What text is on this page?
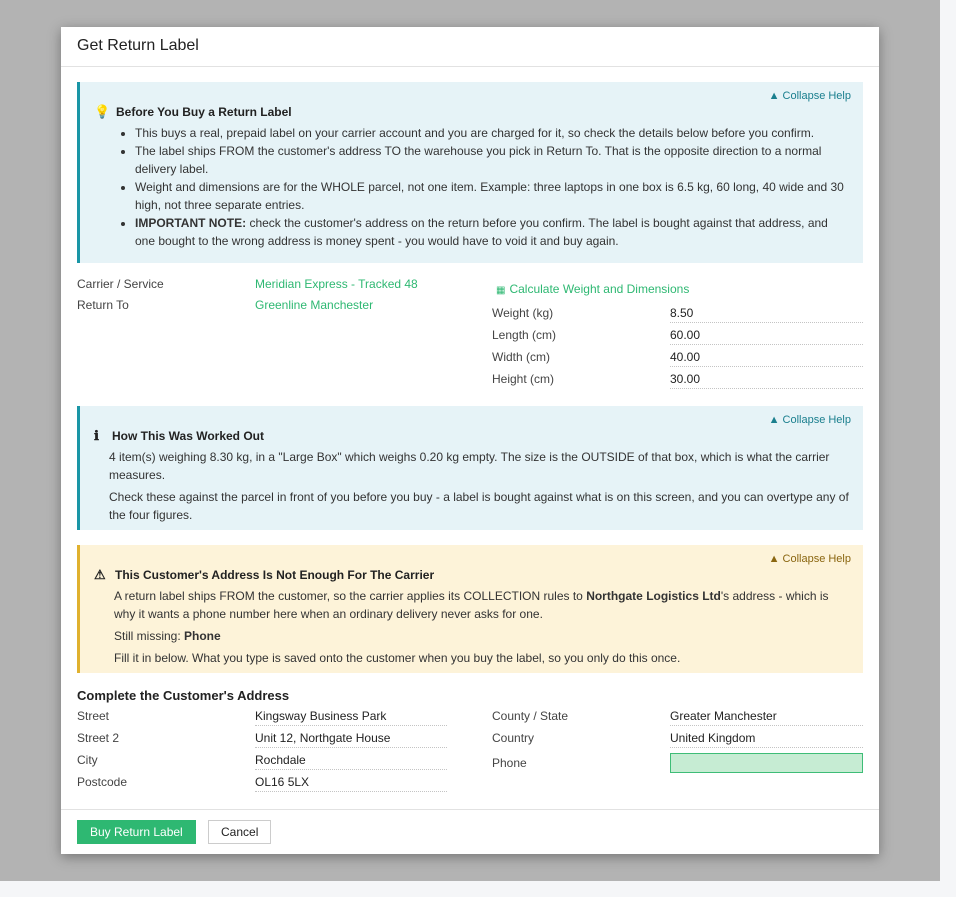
Get Return Label
▲ Collapse Help
💡 Before You Buy a Return Label
• This buys a real, prepaid label on your carrier account and you are charged for it, so check the details below before you confirm.
• The label ships FROM the customer's address TO the warehouse you pick in Return To. That is the opposite direction to a normal delivery label.
• Weight and dimensions are for the WHOLE parcel, not one item. Example: three laptops in one box is 6.5 kg, 60 long, 40 wide and 30 high, not three separate entries.
• IMPORTANT NOTE: check the customer's address on the return before you confirm. The label is bought against that address, and one bought to the wrong address is money spent - you would have to void it and buy again.
Carrier / Service	Meridian Express - Tracked 48
Return To	Greenline Manchester
▦ Calculate Weight and Dimensions
Weight (kg)	8.50
Length (cm)	60.00
Width (cm)	40.00
Height (cm)	30.00
▲ Collapse Help
ℹ	How This Was Worked Out

4 item(s) weighing 8.30 kg, in a "Large Box" which weighs 0.20 kg empty. The size is the OUTSIDE of that box, which is what the carrier measures.

Check these against the parcel in front of you before you buy - a label is bought against what is on this screen, and you can overtype any of the four figures.

▲ Collapse Help
⚠ This Customer's Address Is Not Enough For The Carrier

A return label ships FROM the customer, so the carrier applies its COLLECTION rules to Northgate Logistics Ltd's address - which is why it wants a phone number here when an ordinary delivery never asks for one.

Still missing: Phone

Fill it in below. What you type is saved onto the customer when you buy the label, so you only do this once.

Complete the Customer's Address
Street	Kingsway Business Park
Street 2	Unit 12, Northgate House
City	Rochdale
Postcode	OL16 5LX
County / State	Greater Manchester
Country	United Kingdom
Phone
Buy Return Label	Cancel
